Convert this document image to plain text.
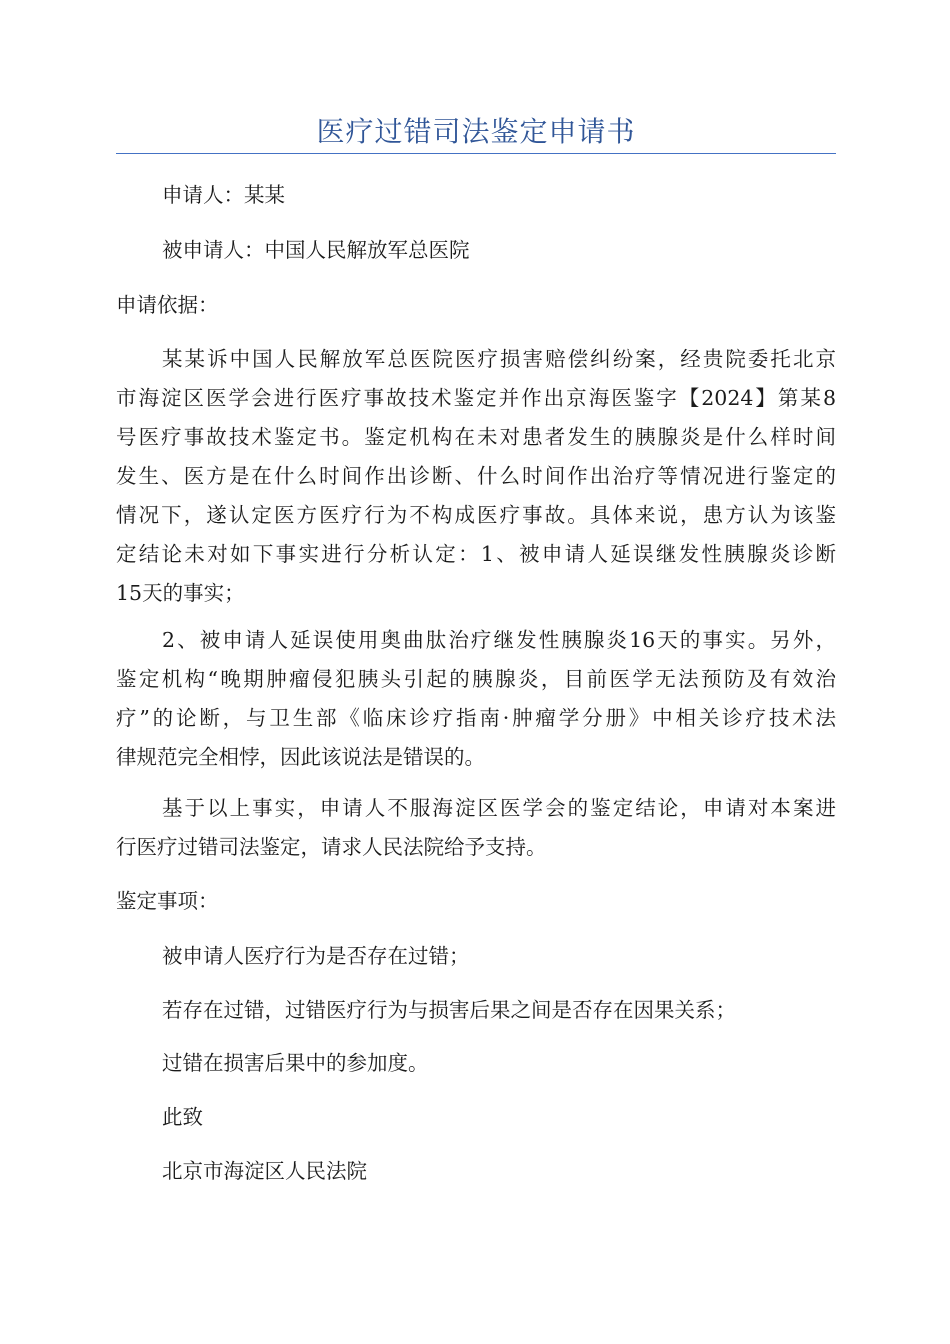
医疗过错司法鉴定申请书
申请人：某某
被申请人：中国人民解放军总医院
申请依据：
某某诉中国人民解放军总医院医疗损害赔偿纠纷案，经贵院委托北京
市海淀区医学会进行医疗事故技术鉴定并作出京海医鉴字【2024】第某8
号医疗事故技术鉴定书。鉴定机构在未对患者发生的胰腺炎是什么样时间
发生、医方是在什么时间作出诊断、什么时间作出治疗等情况进行鉴定的
情况下，遂认定医方医疗行为不构成医疗事故。具体来说，患方认为该鉴
定结论未对如下事实进行分析认定：1、被申请人延误继发性胰腺炎诊断
15天的事实；
2、被申请人延误使用奥曲肽治疗继发性胰腺炎16天的事实。另外，
鉴定机构“晚期肿瘤侵犯胰头引起的胰腺炎，目前医学无法预防及有效治
疗”的论断，与卫生部《临床诊疗指南·肿瘤学分册》中相关诊疗技术法
律规范完全相悖，因此该说法是错误的。
基于以上事实，申请人不服海淀区医学会的鉴定结论，申请对本案进
行医疗过错司法鉴定，请求人民法院给予支持。
鉴定事项：
被申请人医疗行为是否存在过错；
若存在过错，过错医疗行为与损害后果之间是否存在因果关系；
过错在损害后果中的参加度。
此致
北京市海淀区人民法院
